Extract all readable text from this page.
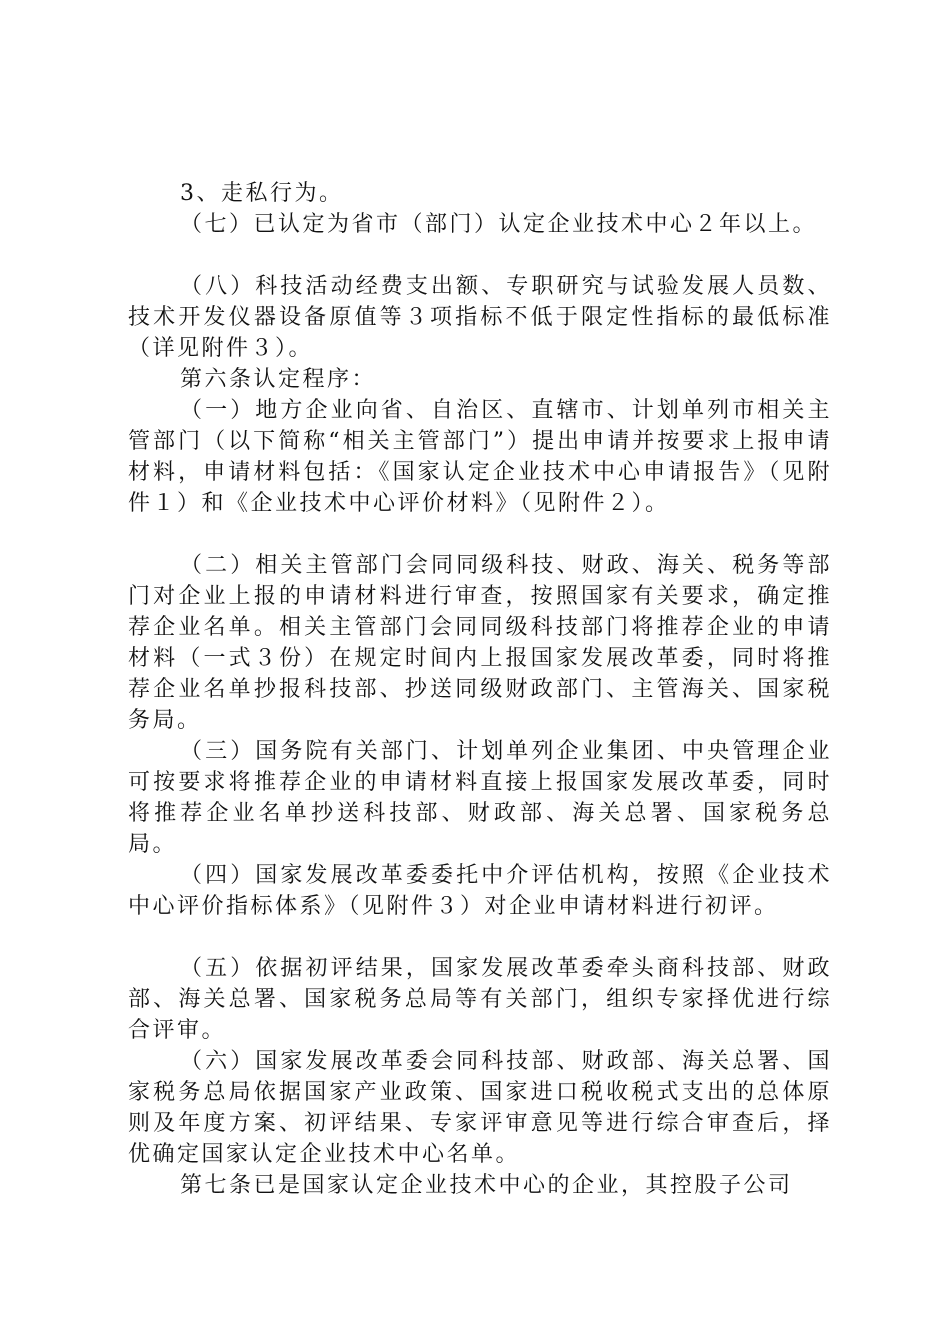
3、走私行为。

（七）已认定为省市（部门）认定企业技术中心２年以上。

（八）科技活动经费支出额、专职研究与试验发展人员数、技术开发仪器设备原值等３项指标不低于限定性指标的最低标准（详见附件３）。

第六条认定程序：

（一）地方企业向省、自治区、直辖市、计划单列市相关主管部门（以下简称“相关主管部门”）提出申请并按要求上报申请材料，申请材料包括：《国家认定企业技术中心申请报告》（见附件１）和《企业技术中心评价材料》（见附件２）。

（二）相关主管部门会同同级科技、财政、海关、税务等部门对企业上报的申请材料进行审查，按照国家有关要求，确定推荐企业名单。相关主管部门会同同级科技部门将推荐企业的申请材料（一式３份）在规定时间内上报国家发展改革委，同时将推荐企业名单抄报科技部、抄送同级财政部门、主管海关、国家税务局。

（三）国务院有关部门、计划单列企业集团、中央管理企业可按要求将推荐企业的申请材料直接上报国家发展改革委，同时将推荐企业名单抄送科技部、财政部、海关总署、国家税务总局。

（四）国家发展改革委委托中介评估机构，按照《企业技术中心评价指标体系》（见附件３）对企业申请材料进行初评。

（五）依据初评结果，国家发展改革委牵头商科技部、财政部、海关总署、国家税务总局等有关部门，组织专家择优进行综合评审。

（六）国家发展改革委会同科技部、财政部、海关总署、国家税务总局依据国家产业政策、国家进口税收税式支出的总体原则及年度方案、初评结果、专家评审意见等进行综合审查后，择优确定国家认定企业技术中心名单。

第七条已是国家认定企业技术中心的企业，其控股子公司
